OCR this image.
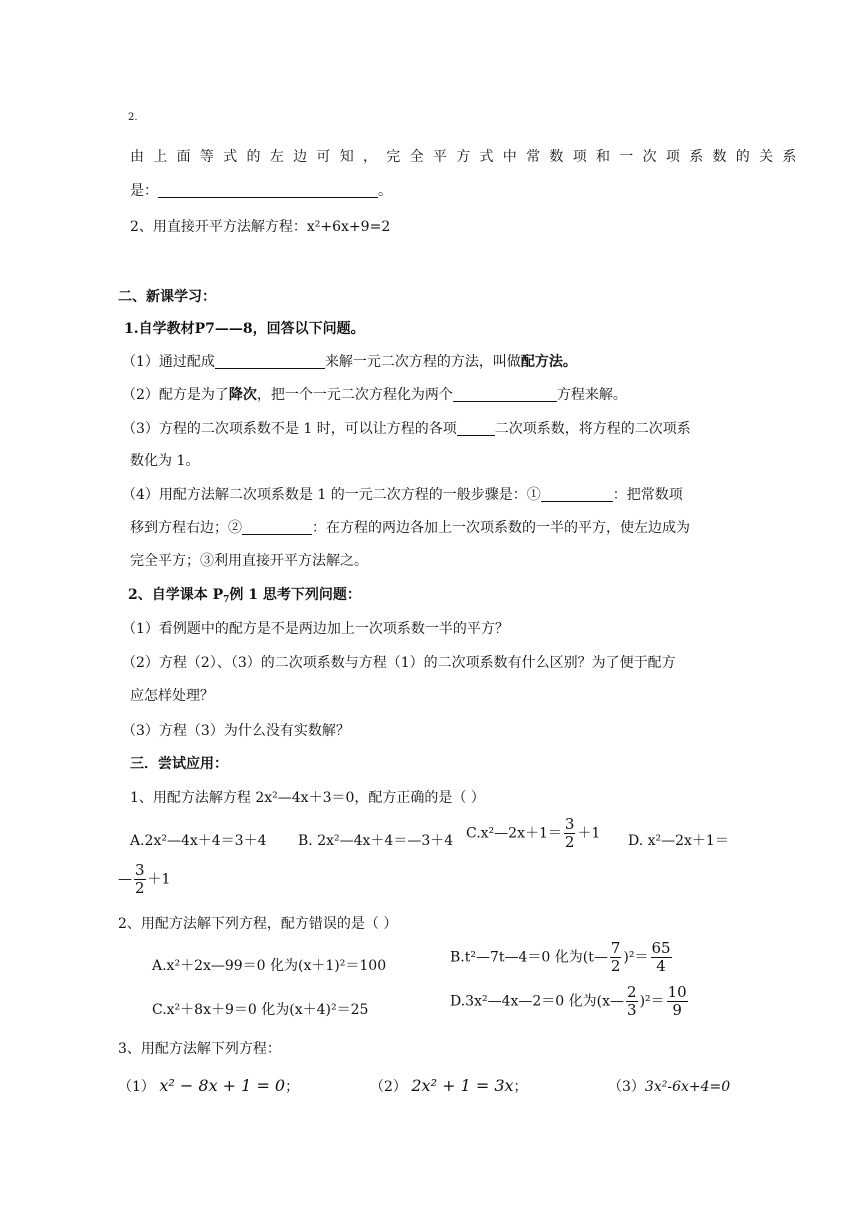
2.
由上面等式的左边可知，完全平方式中常数项和一次项系数的关系
是：	。
2、用直接开平方法解方程：x²+6x+9=2
二、新课学习：
1.自学教材P7——8，回答以下问题。
（1）通过配成	来解一元二次方程的方法，叫做配方法。
（2）配方是为了降次，把一个一元二次方程化为两个	方程来解。
（3）方程的二次项系数不是 1 时，可以让方程的各项	二次项系数，将方程的二次项系
数化为 1。
（4）用配方法解二次项系数是 1 的一元二次方程的一般步骤是：①	：把常数项
移到方程右边；②	：在方程的两边各加上一次项系数的一半的平方，使左边成为
完全平方；③利用直接开平方法解之。
2、自学课本 $P_7$例 1 思考下列问题：
（1）看例题中的配方是不是两边加上一次项系数一半的平方？
（2）方程（2）、（3）的二次项系数与方程（1）的二次项系数有什么区别？为了便于配方
应怎样处理？
（3）方程（3）为什么没有实数解？
三．尝试应用：
1、用配方法解方程 2x²—4x＋3＝0，配方正确的是（ ）
A.2x²—4x＋4＝3＋4 B. 2x²—4x＋4＝—3＋4 C.x²—2x＋1＝ $\frac{3}{2} +1$ D. x²—2x＋1＝
— $\frac{3}{2} +1$
2、用配方法解下列方程，配方错误的是（ ）
A.x²＋2x—99＝0 化为(x＋1)²＝100
B.t²—7t—4＝0 化为(t— $\frac{7}{2} )^2= \frac{65}{4}$
C.x²＋8x＋9＝0 化为(x＋4)²＝25
D.3x²—4x—2＝0 化为(x— $\frac{2}{3} )^2= \frac{10}{9}$
3、用配方法解下列方程：
（1） x² − 8x + 1 = 0；	（2） 2x² + 1 = 3x；	（3）3x²-6x+4=0
